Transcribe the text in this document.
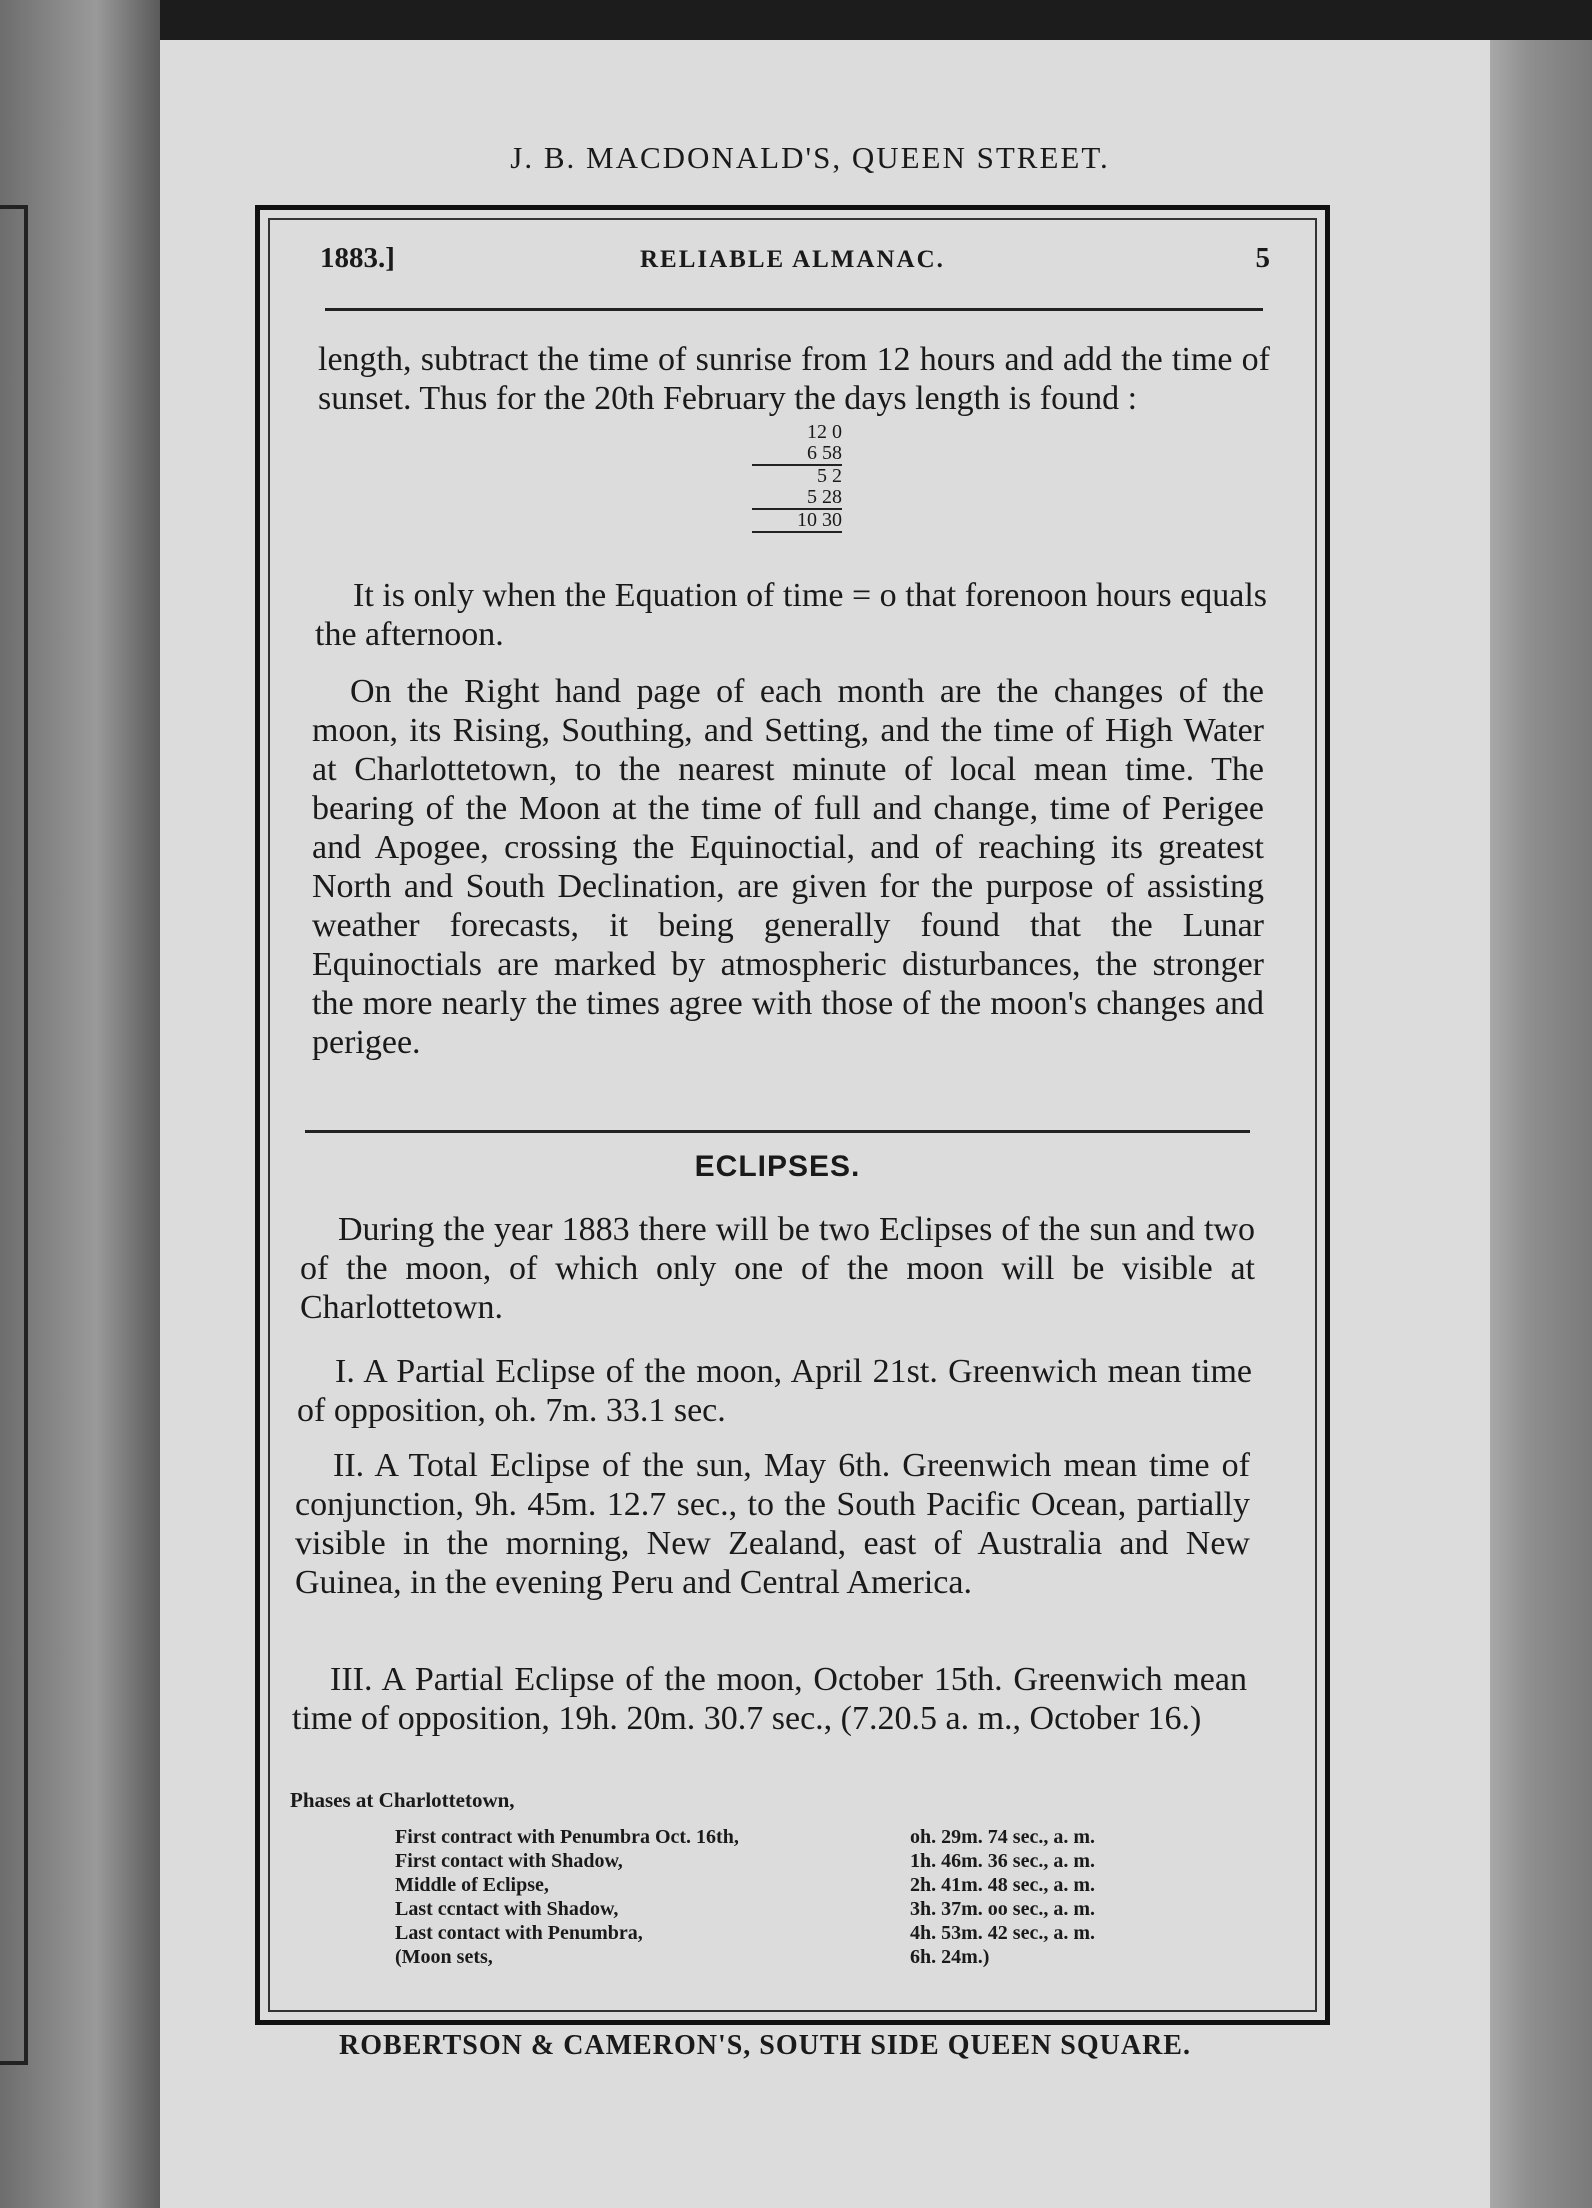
J. B. MACDONALD'S, QUEEN STREET.
1883.]	RELIABLE ALMANAC.	5
length, subtract the time of sunrise from 12 hours and add the time of sunset. Thus for the 20th February the days length is found :
12 0
6 58
5 2
5 28
10 30
It is only when the Equation of time = o that forenoon hours equals the afternoon.
On the Right hand page of each month are the changes of the moon, its Rising, Southing, and Setting, and the time of High Water at Charlottetown, to the nearest minute of local mean time. The bearing of the Moon at the time of full and change, time of Perigee and Apogee, crossing the Equinoctial, and of reaching its greatest North and South Declination, are given for the purpose of assisting weather forecasts, it being generally found that the Lunar Equinoctials are marked by atmospheric disturbances, the stronger the more nearly the times agree with those of the moon's changes and perigee.
ECLIPSES.
During the year 1883 there will be two Eclipses of the sun and two of the moon, of which only one of the moon will be visible at Charlottetown.
I. A Partial Eclipse of the moon, April 21st. Greenwich mean time of opposition, oh. 7m. 33.1 sec.
II. A Total Eclipse of the sun, May 6th. Greenwich mean time of conjunction, 9h. 45m. 12.7 sec., to the South Pacific Ocean, partially visible in the morning, New Zealand, east of Australia and New Guinea, in the evening Peru and Central America.
III. A Partial Eclipse of the moon, October 15th. Greenwich mean time of opposition, 19h. 20m. 30.7 sec., (7.20.5 a. m., October 16.)
Phases at Charlottetown,
First contract with Penumbra Oct. 16th,	oh. 29m. 74 sec., a. m.
First contact with Shadow,	1h. 46m. 36 sec., a. m.
Middle of Eclipse,	2h. 41m. 48 sec., a. m.
Last ccntact with Shadow,	3h. 37m. oo sec., a. m.
Last contact with Penumbra,	4h. 53m. 42 sec., a. m.
(Moon sets,	6h. 24m.)
ROBERTSON & CAMERON'S, SOUTH SIDE QUEEN SQUARE.
